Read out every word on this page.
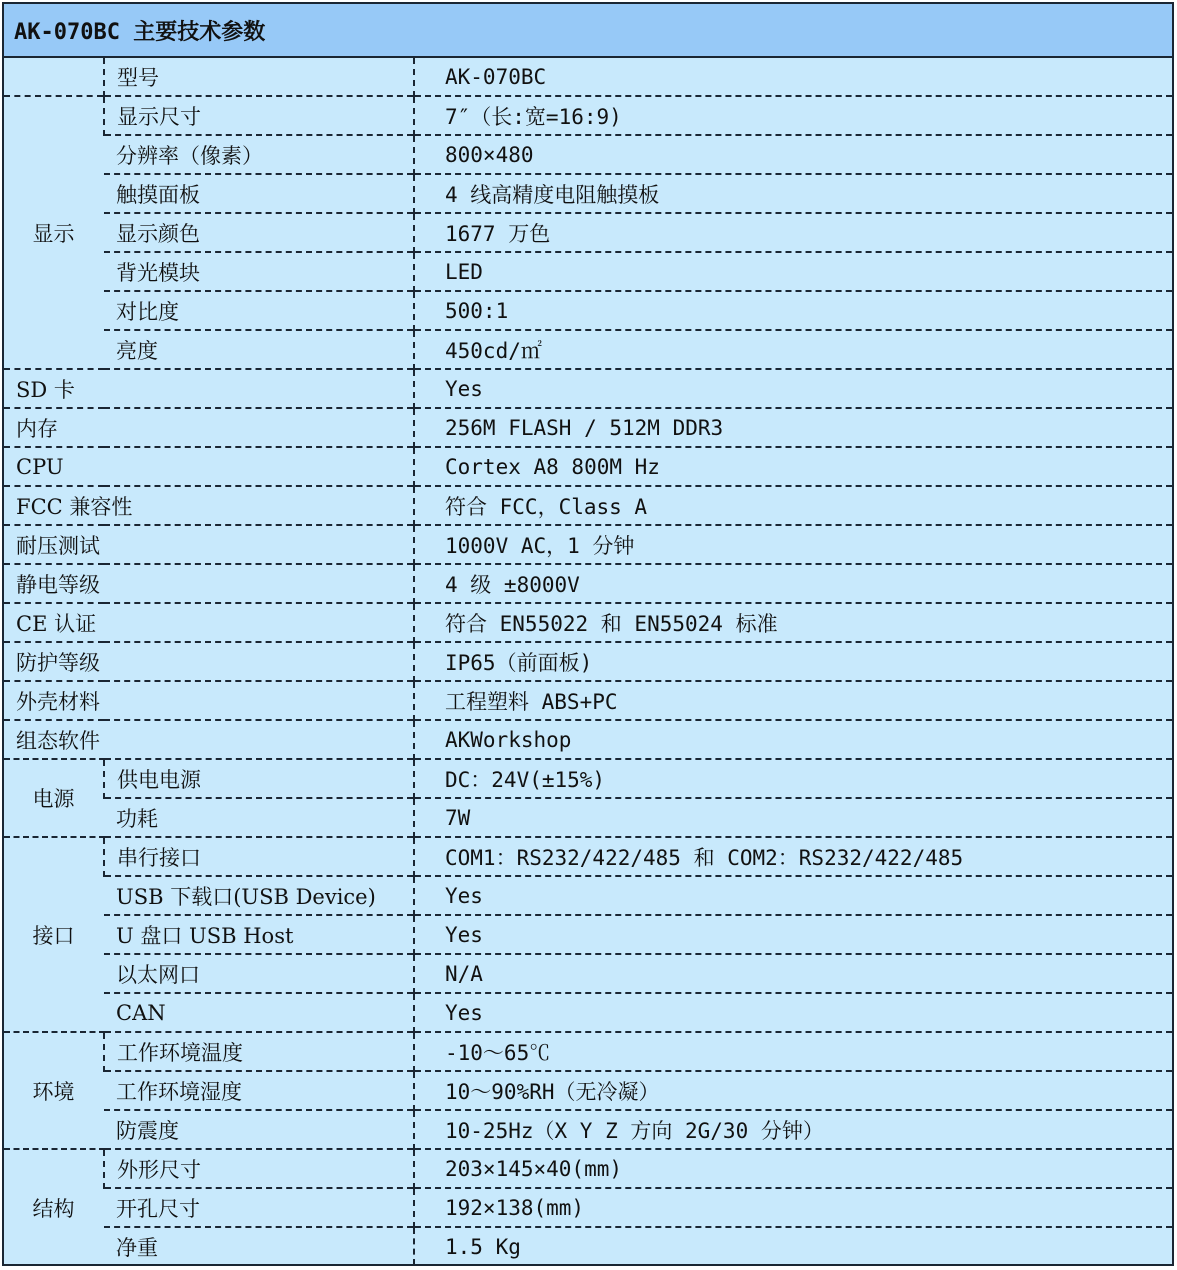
AK-070BC 主要技术参数
	型号	AK-070BC
显示	显示尺寸	7″（长:宽=16:9)
	分辨率（像素）	800×480
	触摸面板	4 线高精度电阻触摸板
	显示颜色	1677 万色
	背光模块	LED
	对比度	500:1
	亮度	450cd/㎡
SD 卡		Yes
内存		256M FLASH / 512M DDR3
CPU		Cortex A8 800M Hz
FCC 兼容性		符合 FCC，Class A
耐压测试		1000V AC，1 分钟
静电等级		4 级 ±8000V
CE 认证		符合 EN55022 和 EN55024 标准
防护等级		IP65（前面板)
外壳材料		工程塑料 ABS+PC
组态软件		AKWorkshop
电源	供电电源	DC：24V(±15%)
	功耗	7W
接口	串行接口	COM1：RS232/422/485 和 COM2：RS232/422/485
	USB 下载口(USB Device)	Yes
	U 盘口 USB Host	Yes
	以太网口	N/A
	CAN	Yes
环境	工作环境温度	-10～65℃
	工作环境湿度	10～90%RH（无冷凝）
	防震度	10-25Hz（X Y Z 方向 2G/30 分钟）
结构	外形尺寸	203×145×40(mm)
	开孔尺寸	192×138(mm)
	净重	1.5 Kg
